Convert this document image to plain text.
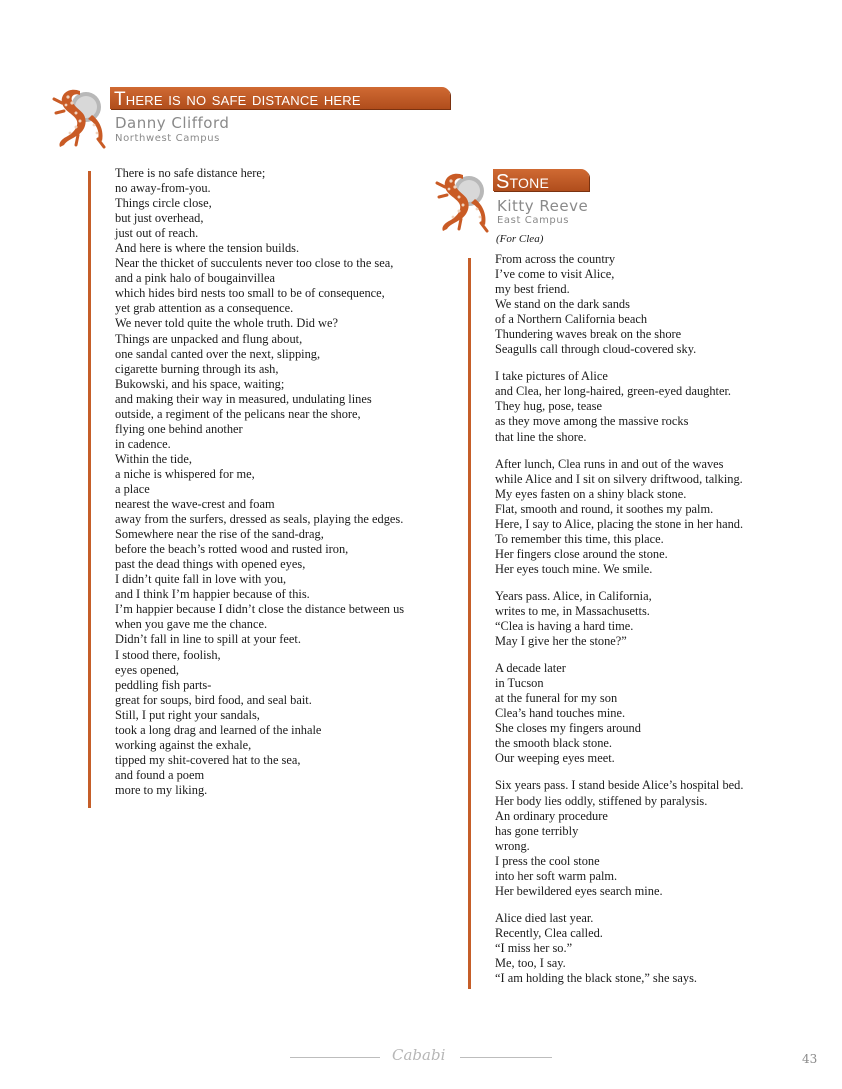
There is no safe distance here
Danny Clifford
Northwest Campus
There is no safe distance here;
no away-from-you.
Things circle close,
but just overhead,
just out of reach.
And here is where the tension builds.
Near the thicket of succulents never too close to the sea,
and a pink halo of bougainvillea
which hides bird nests too small to be of consequence,
yet grab attention as a consequence.
We never told quite the whole truth. Did we?
Things are unpacked and flung about,
one sandal canted over the next, slipping,
cigarette burning through its ash,
Bukowski, and his space, waiting;
and making their way in measured, undulating lines
outside, a regiment of the pelicans near the shore,
flying one behind another
in cadence.
Within the tide,
a niche is whispered for me,
a place
nearest the wave-crest and foam
away from the surfers, dressed as seals, playing the edges.
Somewhere near the rise of the sand-drag,
before the beach’s rotted wood and rusted iron,
past the dead things with opened eyes,
I didn’t quite fall in love with you,
and I think I’m happier because of this.
I’m happier because I didn’t close the distance between us
when you gave me the chance.
Didn’t fall in line to spill at your feet.
I stood there, foolish,
eyes opened,
peddling fish parts-
great for soups, bird food, and seal bait.
Still, I put right your sandals,
took a long drag and learned of the inhale
working against the exhale,
tipped my shit-covered hat to the sea,
and found a poem
more to my liking.
Stone
Kitty Reeve
East Campus
(For Clea)
From across the country
I’ve come to visit Alice,
my best friend.
We stand on the dark sands
of a Northern California beach
Thundering waves break on the shore
Seagulls call through cloud-covered sky.
I take pictures of Alice
and Clea, her long-haired, green-eyed daughter.
They hug, pose, tease
as they move among the massive rocks
that line the shore.
After lunch, Clea runs in and out of the waves
while Alice and I sit on silvery driftwood, talking.
My eyes fasten on a shiny black stone.
Flat, smooth and round, it soothes my palm.
Here, I say to Alice, placing the stone in her hand.
To remember this time, this place.
Her fingers close around the stone.
Her eyes touch mine. We smile.
Years pass. Alice, in California,
writes to me, in Massachusetts.
“Clea is having a hard time.
May I give her the stone?”
A decade later
in Tucson
at the funeral for my son
Clea’s hand touches mine.
She closes my fingers around
the smooth black stone.
Our weeping eyes meet.
Six years pass. I stand beside Alice’s hospital bed.
Her body lies oddly, stiffened by paralysis.
An ordinary procedure
has gone terribly
wrong.
I press the cool stone
into her soft warm palm.
Her bewildered eyes search mine.
Alice died last year.
Recently, Clea called.
“I miss her so.”
Me, too, I say.
“I am holding the black stone,” she says.
Cababi	43
